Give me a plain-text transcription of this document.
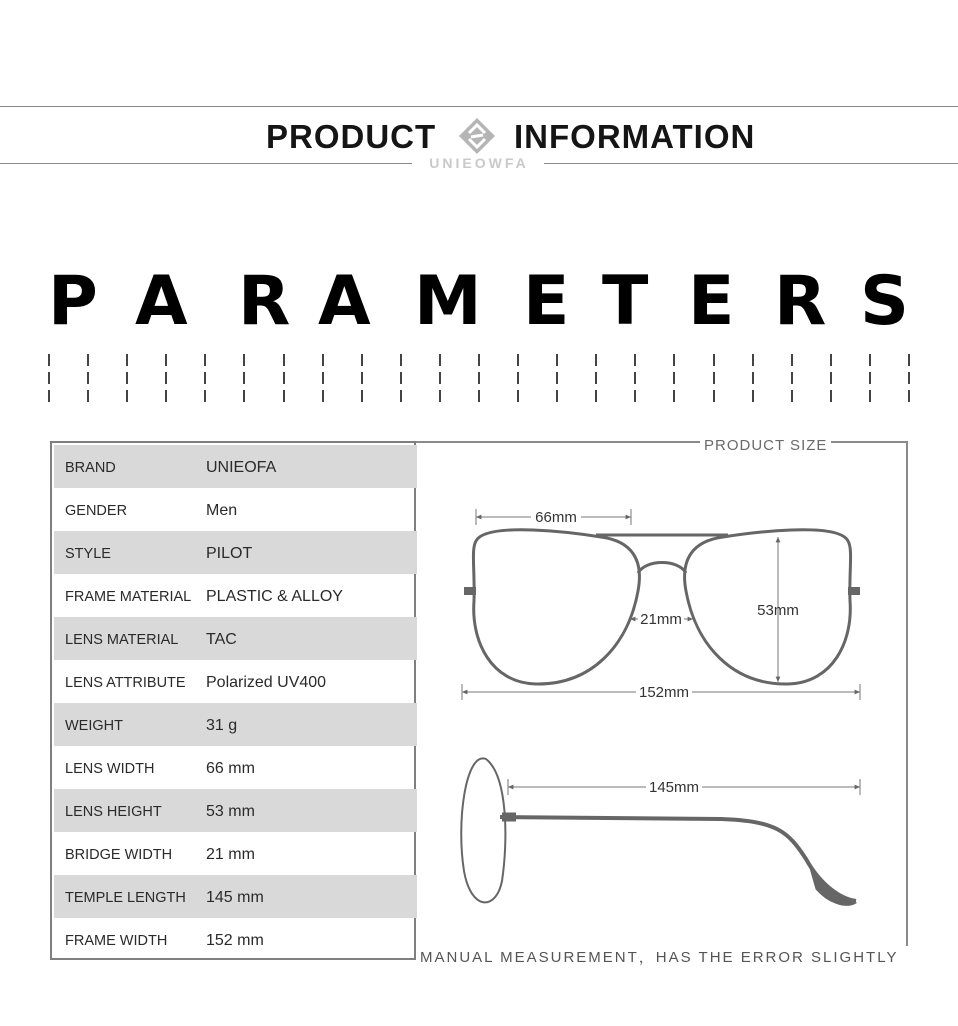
PRODUCT INFORMATION
UNIEOWFA
P A R A M E T E R S
BRAND	UNIEOFA
GENDER	Men
STYLE	PILOT
FRAME MATERIAL PLASTIC & ALLOY
LENS MATERIAL TAC
LENS ATTRIBUTE Polarized UV400
WEIGHT	31 g
LENS WIDTH	66 mm
LENS HEIGHT	53 mm
BRIDGE WIDTH 21 mm
TEMPLE LENGTH 145 mm
FRAME WIDTH 152 mm
66mm
53mm
21mm
152mm
145mm
PRODUCT SIZE
MANUAL MEASUREMENT，HAS THE ERROR SLIGHTLY
